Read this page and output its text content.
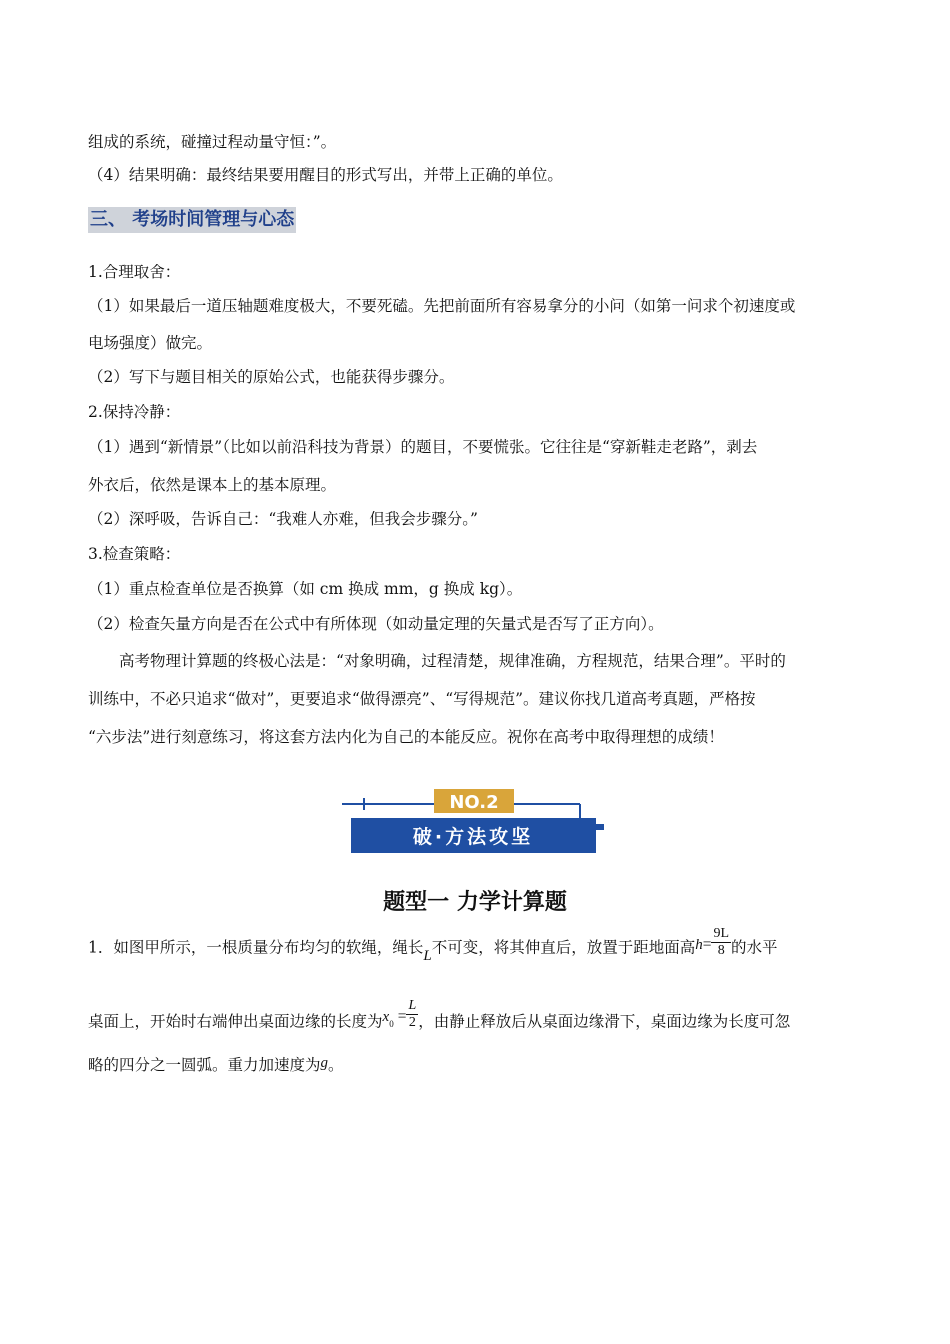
组成的系统，碰撞过程动量守恒：”。
（4）结果明确：最终结果要用醒目的形式写出，并带上正确的单位。
三、 考场时间管理与心态
1.合理取舍：
（1）如果最后一道压轴题难度极大，不要死磕。先把前面所有容易拿分的小问（如第一问求个初速度或
电场强度）做完。
（2）写下与题目相关的原始公式，也能获得步骤分。
2.保持冷静：
（1）遇到“新情景”（比如以前沿科技为背景）的题目，不要慌张。它往往是“穿新鞋走老路”，剥去
外衣后，依然是课本上的基本原理。
（2）深呼吸，告诉自己：“我难人亦难，但我会步骤分。”
3.检查策略：
（1）重点检查单位是否换算（如 cm 换成 mm，g 换成 kg）。
（2）检查矢量方向是否在公式中有所体现（如动量定理的矢量式是否写了正方向）。
高考物理计算题的终极心法是：“对象明确，过程清楚，规律准确，方程规范，结果合理”。平时的
训练中，不必只追求“做对”，更要追求“做得漂亮”、“写得规范”。建议你找几道高考真题，严格按
“六步法”进行刻意练习，将这套方法内化为自己的本能反应。祝你在高考中取得理想的成绩！
NO.2
破·方法攻坚
题型一 力学计算题
1．如图甲所示，一根质量分布均匀的软绳，绳长L不可变，将其伸直后，放置于距地面高$h= \frac{9L}{8}$ 的水平
桌面上，开始时右端伸出桌面边缘的长度为$x_0 = \frac{L}{2}$ ，由静止释放后从桌面边缘滑下，桌面边缘为长度可忽
略的四分之一圆弧。重力加速度为g。
